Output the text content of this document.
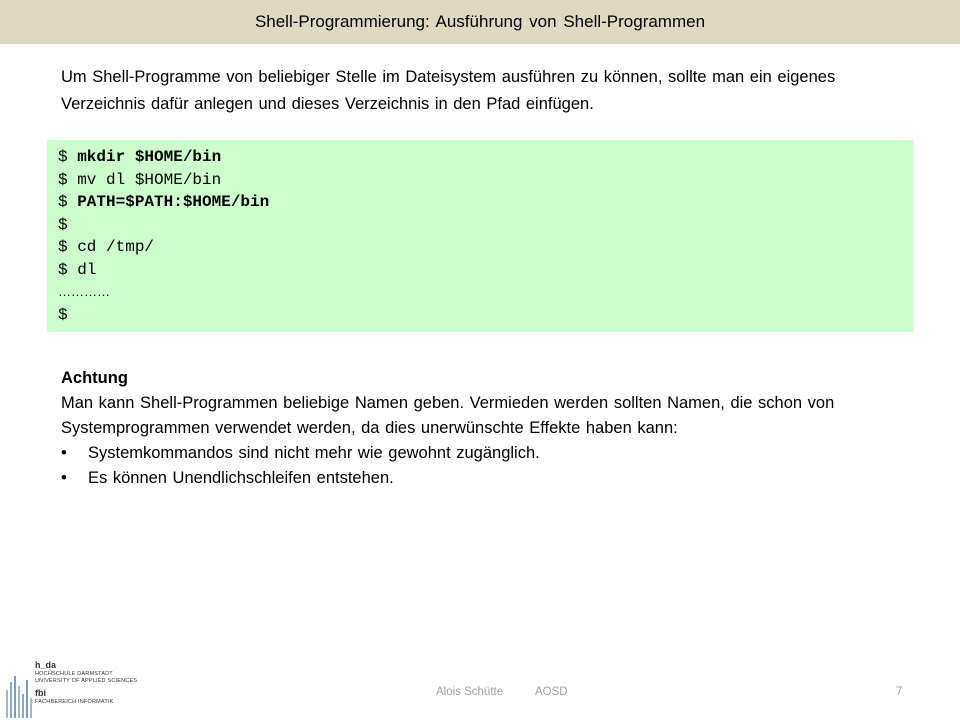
Shell-Programmierung: Ausführung von Shell-Programmen
Um Shell-Programme von beliebiger Stelle im Dateisystem ausführen zu können, sollte man ein eigenes Verzeichnis dafür anlegen und dieses Verzeichnis in den Pfad einfügen.
$ mkdir $HOME/bin
$ mv dl $HOME/bin
$ PATH=$PATH:$HOME/bin
$
$ cd /tmp/
$ dl
…………
$
Achtung
Man kann Shell-Programmen beliebige Namen geben. Vermieden werden sollten Namen, die schon von Systemprogrammen verwendet werden, da dies unerwünschte Effekte haben kann:
• Systemkommandos sind nicht mehr wie gewohnt zugänglich.
• Es können Unendlichschleifen entstehen.
Alois Schütte	AOSD	7
h_da
HOCHSCHULE DARMSTADT
UNIVERSITY OF APPLIED SCIENCES
fbi
FACHBEREICH INFORMATIK
